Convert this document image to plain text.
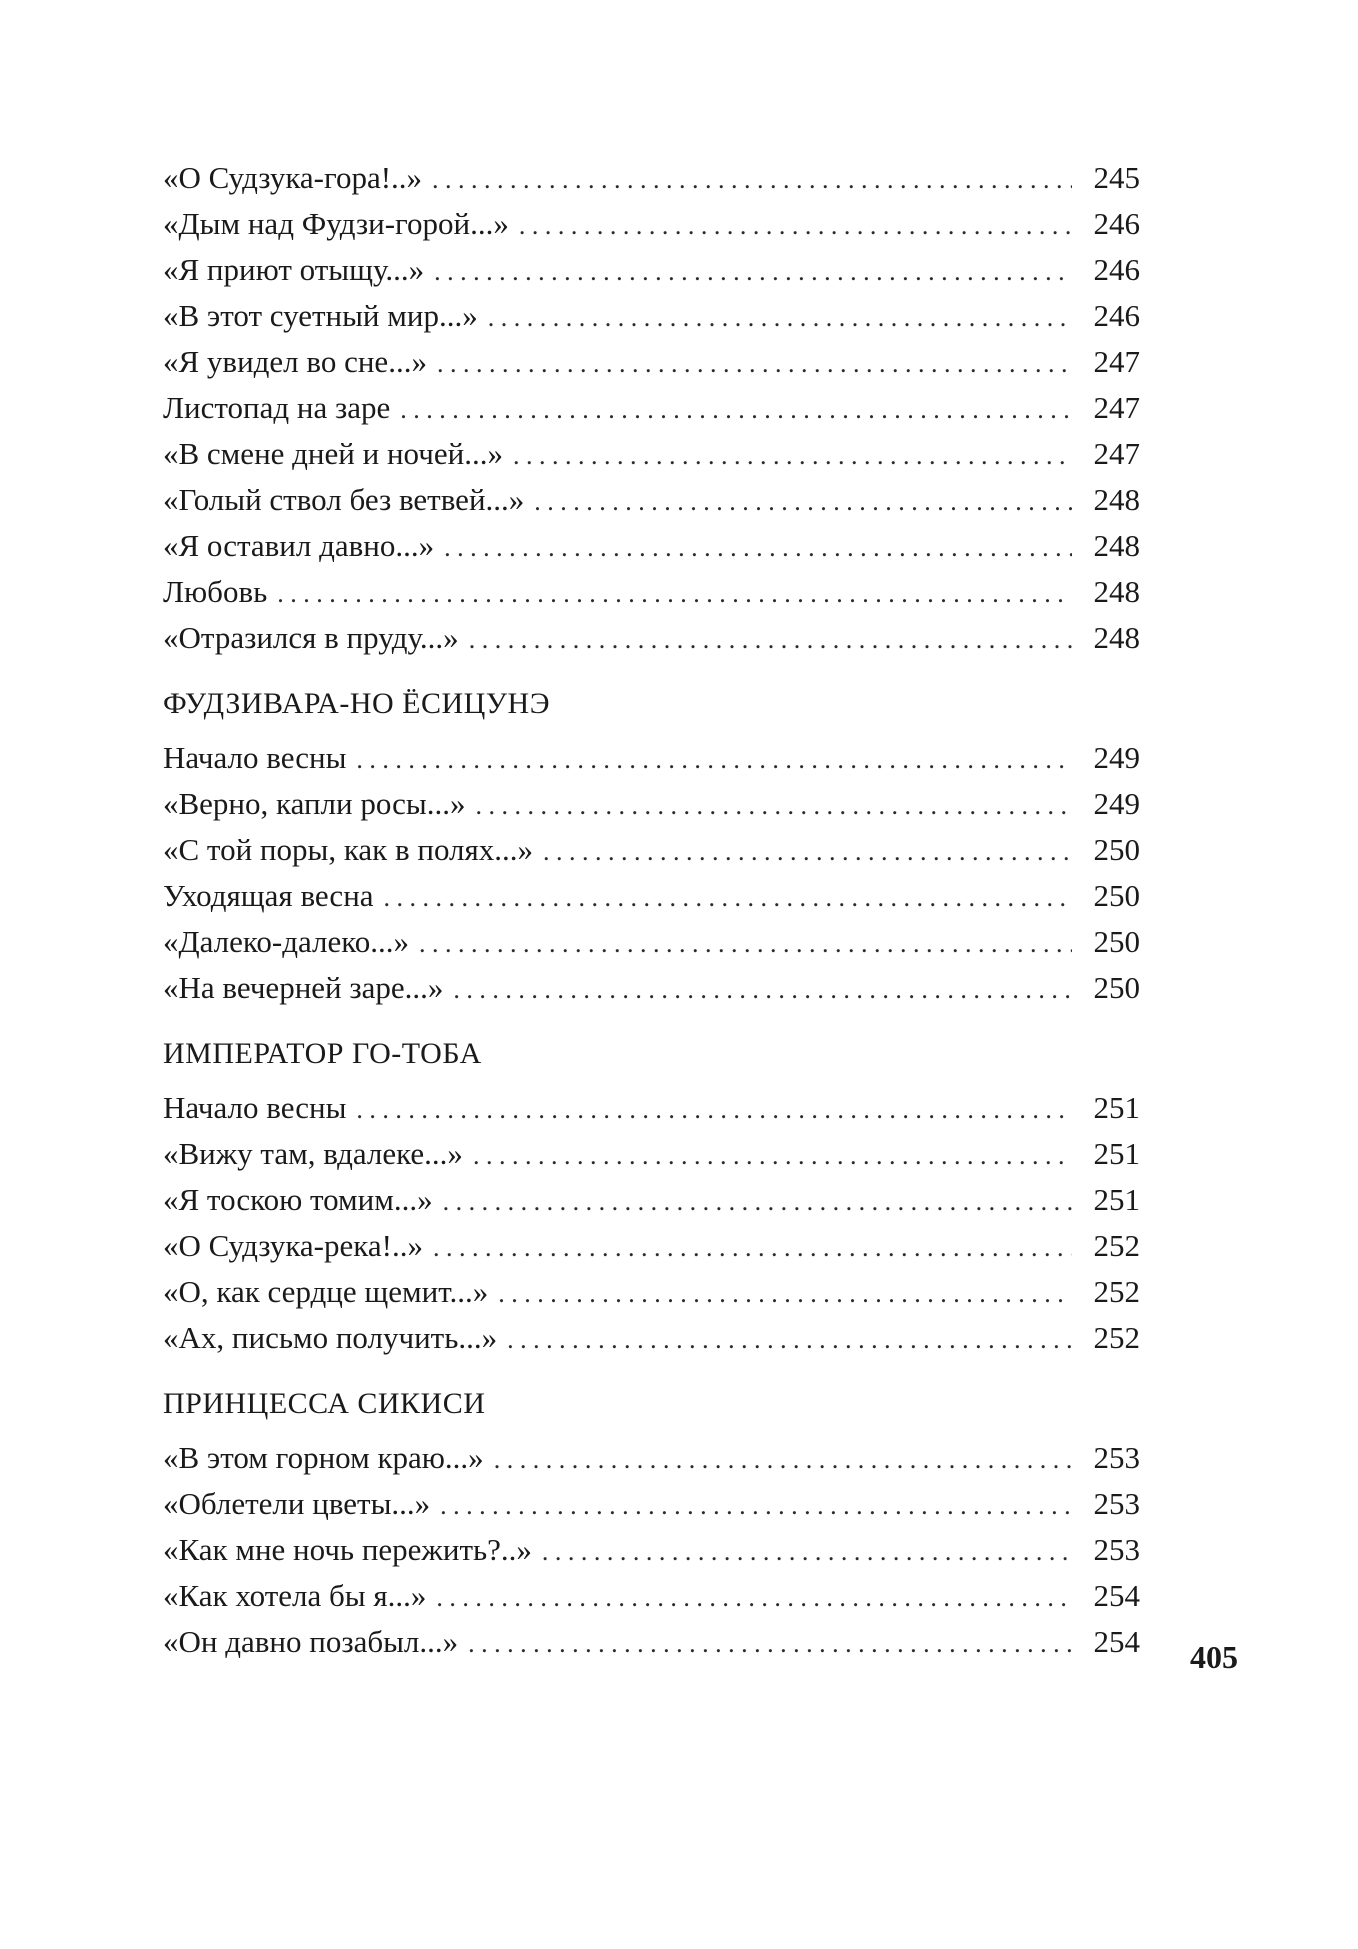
«О Судзука-гора!..» . . .	245
«Дым над Фудзи-горой...» . . .	246
«Я приют отыщу...» . . .	246
«В этот суетный мир...» . . .	246
«Я увидел во сне...» . . .	247
Листопад на заре . . .	247
«В смене дней и ночей...» . . .	247
«Голый ствол без ветвей...» . . .	248
«Я оставил давно...» . . .	248
Любовь . . .	248
«Отразился в пруду...» . . .	248
ФУДЗИВАРА-НО ЁСИЦУНЭ
Начало весны . . .	249
«Верно, капли росы...» . . .	249
«С той поры, как в полях...» . . .	250
Уходящая весна . . .	250
«Далеко-далеко...» . . .	250
«На вечерней заре...» . . .	250
ИМПЕРАТОР ГО-ТОБА
Начало весны . . .	251
«Вижу там, вдалеке...» . . .	251
«Я тоскою томим...» . . .	251
«О Судзука-река!..» . . .	252
«О, как сердце щемит...» . . .	252
«Ах, письмо получить...» . . .	252
ПРИНЦЕССА СИКИСИ
«В этом горном краю...» . . .	253
«Облетели цветы...» . . .	253
«Как мне ночь пережить?..» . . .	253
«Как хотела бы я...» . . .	254
«Он давно позабыл...» . . .	254 405
